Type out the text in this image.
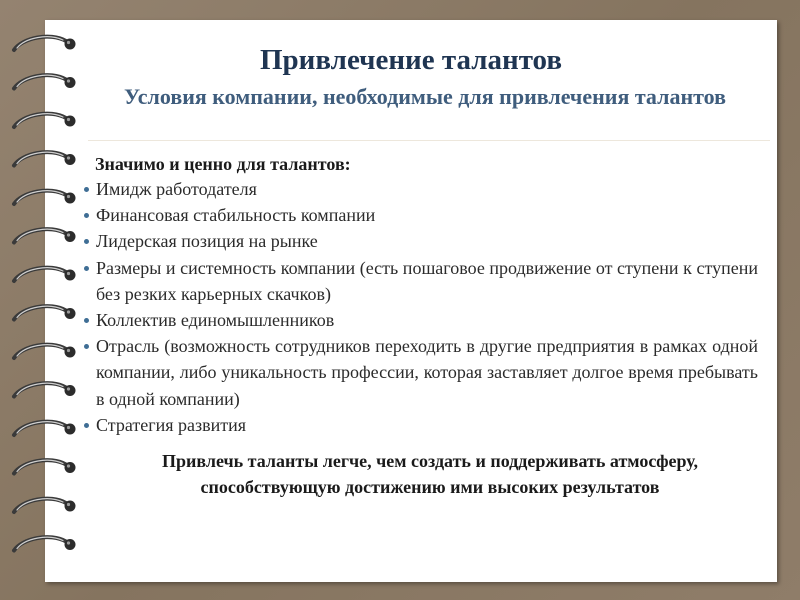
Привлечение талантов
Условия компании, необходимые для привлечения талантов
Значимо и ценно для талантов:
Имидж работодателя
Финансовая стабильность компании
Лидерская позиция на рынке
Размеры и системность компании (есть пошаговое продвижение от ступени к ступени без резких карьерных скачков)
Коллектив единомышленников
Отрасль (возможность сотрудников переходить в другие предприятия в рамках одной компании, либо уникальность профессии, которая заставляет долгое время пребывать в одной компании)
Стратегия развития

Привлечь таланты легче, чем создать и поддерживать атмосферу, способствующую достижению ими высоких результатов
